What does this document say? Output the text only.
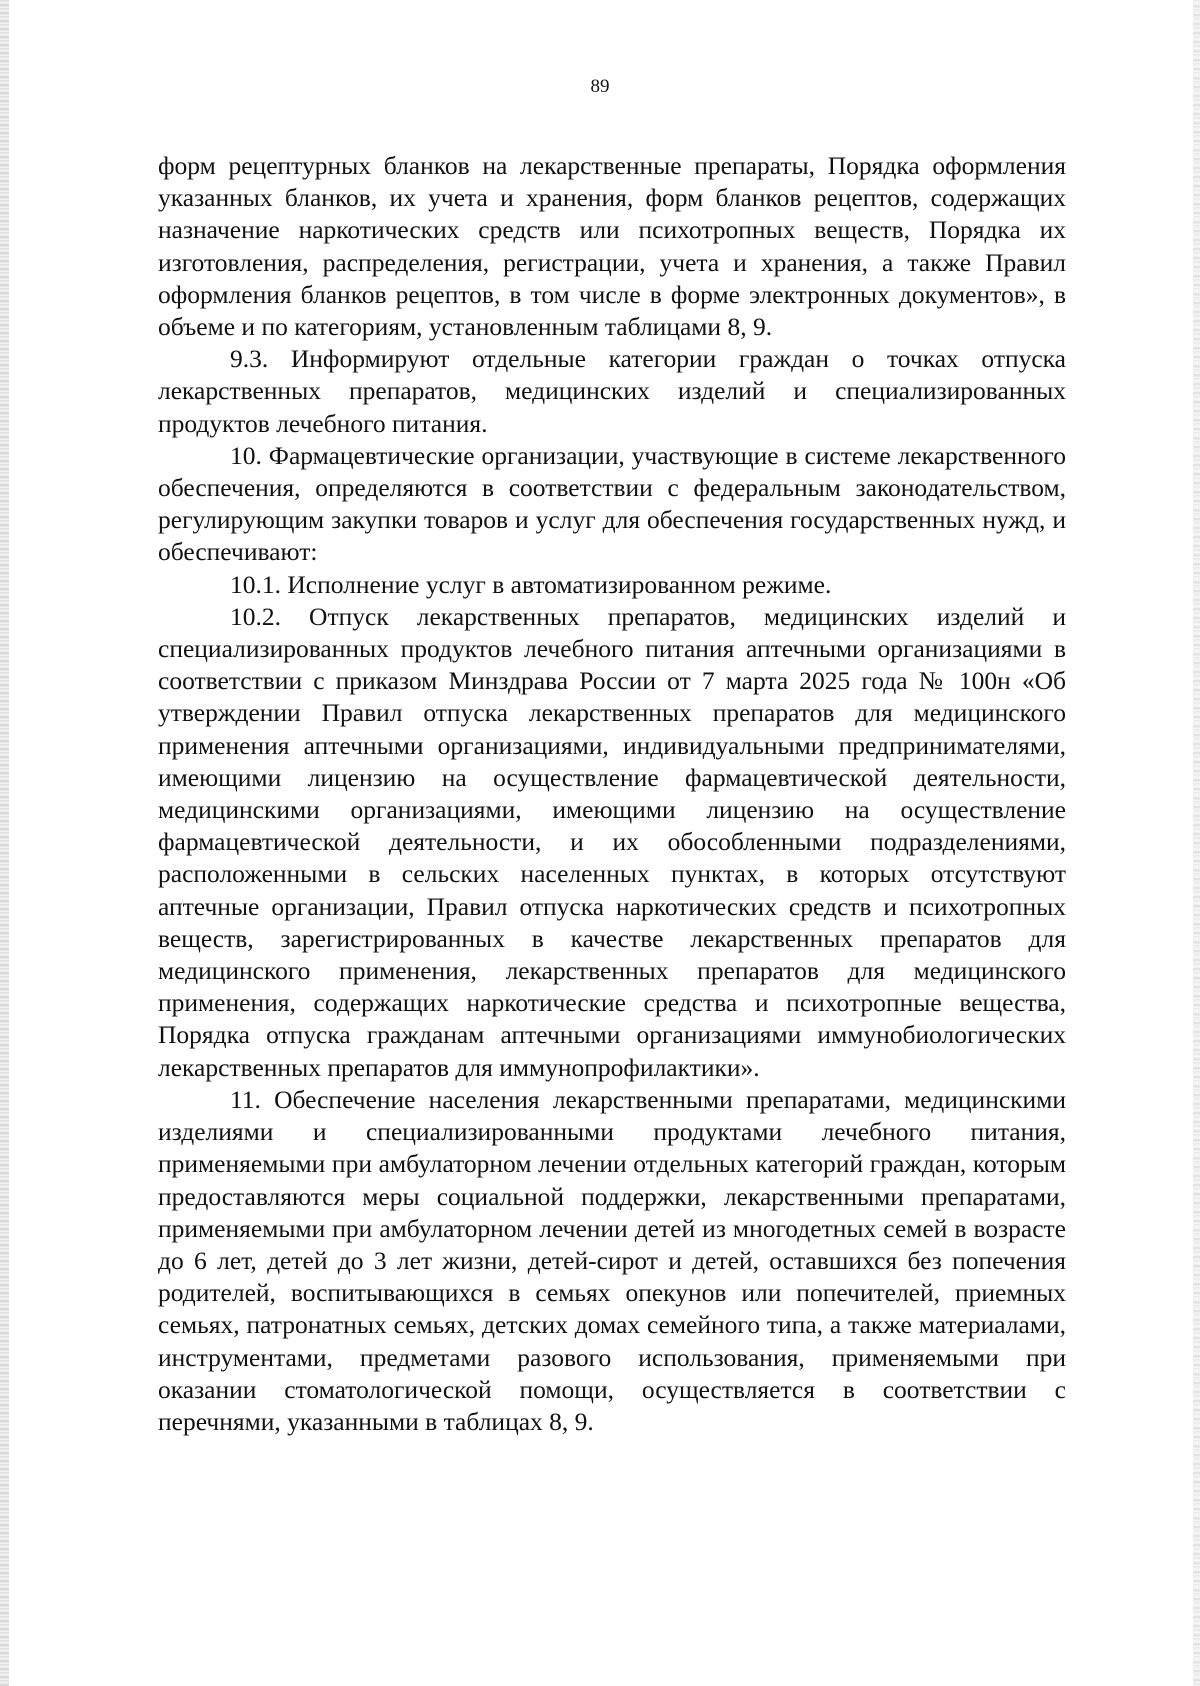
89

форм рецептурных бланков на лекарственные препараты, Порядка оформления указанных бланков, их учета и хранения, форм бланков рецептов, содержащих назначение наркотических средств или психотропных веществ, Порядка их изготовления, распределения, регистрации, учета и хранения, а также Правил оформления бланков рецептов, в том числе в форме электронных документов», в объеме и по категориям, установленным таблицами 8, 9.

9.3. Информируют отдельные категории граждан о точках отпуска лекарственных препаратов, медицинских изделий и специализированных продуктов лечебного питания.

10. Фармацевтические организации, участвующие в системе лекарственного обеспечения, определяются в соответствии с федеральным законодательством, регулирующим закупки товаров и услуг для обеспечения государственных нужд, и обеспечивают:

10.1. Исполнение услуг в автоматизированном режиме.

10.2. Отпуск лекарственных препаратов, медицинских изделий и специализированных продуктов лечебного питания аптечными организациями в соответствии с приказом Минздрава России от 7 марта 2025 года № 100н «Об утверждении Правил отпуска лекарственных препаратов для медицинского применения аптечными организациями, индивидуальными предпринимателями, имеющими лицензию на осуществление фармацевтической деятельности, медицинскими организациями, имеющими лицензию на осуществление фармацевтической деятельности, и их обособленными подразделениями, расположенными в сельских населенных пунктах, в которых отсутствуют аптечные организации, Правил отпуска наркотических средств и психотропных веществ, зарегистрированных в качестве лекарственных препаратов для медицинского применения, лекарственных препаратов для медицинского применения, содержащих наркотические средства и психотропные вещества, Порядка отпуска гражданам аптечными организациями иммунобиологических лекарственных препаратов для иммунопрофилактики».

11. Обеспечение населения лекарственными препаратами, медицинскими изделиями и специализированными продуктами лечебного питания, применяемыми при амбулаторном лечении отдельных категорий граждан, которым предоставляются меры социальной поддержки, лекарственными препаратами, применяемыми при амбулаторном лечении детей из многодетных семей в возрасте до 6 лет, детей до 3 лет жизни, детей-сирот и детей, оставшихся без попечения родителей, воспитывающихся в семьях опекунов или попечителей, приемных семьях, патронатных семьях, детских домах семейного типа, а также материалами, инструментами, предметами разового использования, применяемыми при оказании стоматологической помощи, осуществляется в соответствии с перечнями, указанными в таблицах 8, 9.
